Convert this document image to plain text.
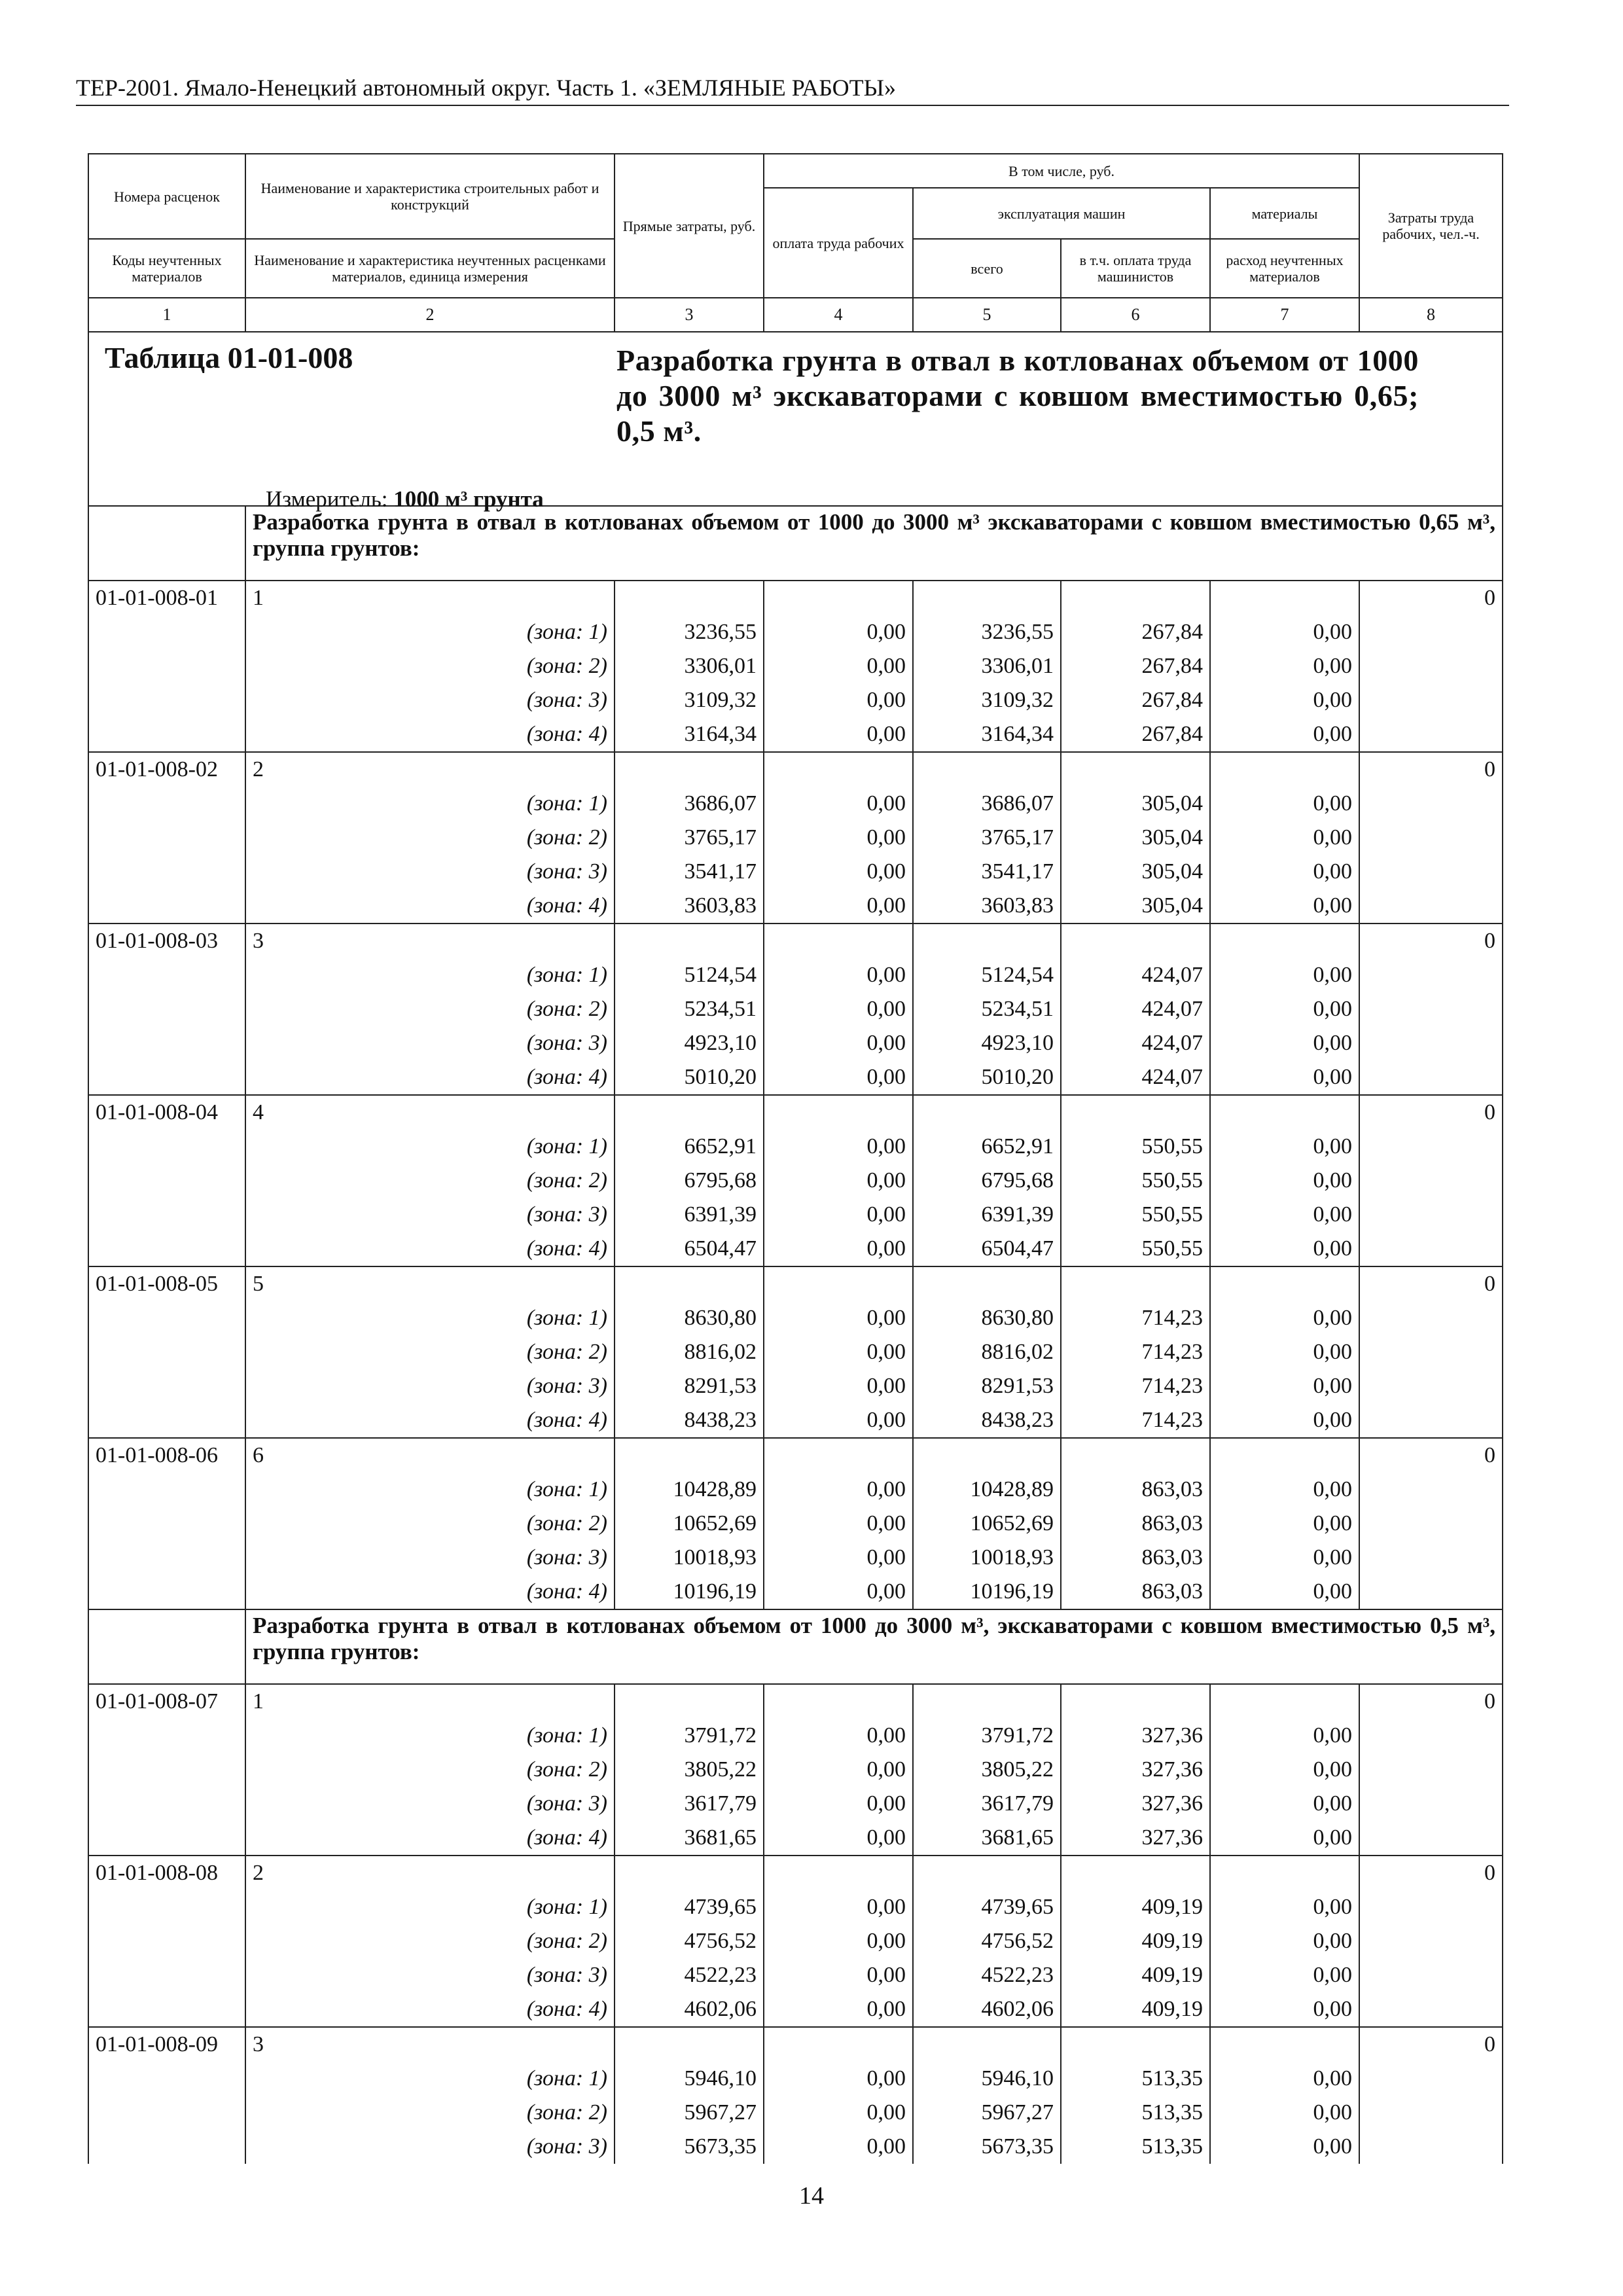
ТЕР-2001. Ямало-Ненецкий автономный округ. Часть 1. «ЗЕМЛЯНЫЕ РАБОТЫ»
Номера расценок	Наименование и характеристика строительных работ и конструкций	Прямые затраты, руб.	В том числе, руб.				Затраты труда рабочих, чел.-ч.
			оплата труда рабочих	эксплуатация машин		материалы	
Коды неучтенных материалов	Наименование и характеристика неучтенных расценками материалов, единица измерения			всего	в т.ч. оплата труда машинистов	расход неучтенных материалов	
1	2	3	4	5	6	7	8

Таблица 01-01-008 Разработка грунта в отвал в котлованах объемом от 1000 до 3000 м³ экскаваторами с ковшом вместимостью 0,65; 0,5 м³.
Измеритель: 1000 м³ грунта							

	Разработка грунта в отвал в котлованах объемом от 1000 до 3000 м³ экскаваторами с ковшом вместимостью 0,65 м³, группа грунтов:						
01-01-008-01	1						0
	(зона: 1)	3236,55	0,00	3236,55	267,84	0,00	
	(зона: 2)	3306,01	0,00	3306,01	267,84	0,00	
	(зона: 3)	3109,32	0,00	3109,32	267,84	0,00	
	(зона: 4)	3164,34	0,00	3164,34	267,84	0,00	
01-01-008-02	2						0
	(зона: 1)	3686,07	0,00	3686,07	305,04	0,00	
	(зона: 2)	3765,17	0,00	3765,17	305,04	0,00	
	(зона: 3)	3541,17	0,00	3541,17	305,04	0,00	
	(зона: 4)	3603,83	0,00	3603,83	305,04	0,00	
01-01-008-03	3						0
	(зона: 1)	5124,54	0,00	5124,54	424,07	0,00	
	(зона: 2)	5234,51	0,00	5234,51	424,07	0,00	
	(зона: 3)	4923,10	0,00	4923,10	424,07	0,00	
	(зона: 4)	5010,20	0,00	5010,20	424,07	0,00	
01-01-008-04	4						0
	(зона: 1)	6652,91	0,00	6652,91	550,55	0,00	
	(зона: 2)	6795,68	0,00	6795,68	550,55	0,00	
	(зона: 3)	6391,39	0,00	6391,39	550,55	0,00	
	(зона: 4)	6504,47	0,00	6504,47	550,55	0,00	
01-01-008-05	5						0
	(зона: 1)	8630,80	0,00	8630,80	714,23	0,00	
	(зона: 2)	8816,02	0,00	8816,02	714,23	0,00	
	(зона: 3)	8291,53	0,00	8291,53	714,23	0,00	
	(зона: 4)	8438,23	0,00	8438,23	714,23	0,00	
01-01-008-06	6						0
	(зона: 1)	10428,89	0,00	10428,89	863,03	0,00	
	(зона: 2)	10652,69	0,00	10652,69	863,03	0,00	
	(зона: 3)	10018,93	0,00	10018,93	863,03	0,00	
	(зона: 4)	10196,19	0,00	10196,19	863,03	0,00	
	Разработка грунта в отвал в котлованах объемом от 1000 до 3000 м³, экскаваторами с ковшом вместимостью 0,5 м³, группа грунтов:						
01-01-008-07	1						0
	(зона: 1)	3791,72	0,00	3791,72	327,36	0,00	
	(зона: 2)	3805,22	0,00	3805,22	327,36	0,00	
	(зона: 3)	3617,79	0,00	3617,79	327,36	0,00	
	(зона: 4)	3681,65	0,00	3681,65	327,36	0,00	
01-01-008-08	2						0
	(зона: 1)	4739,65	0,00	4739,65	409,19	0,00	
	(зона: 2)	4756,52	0,00	4756,52	409,19	0,00	
	(зона: 3)	4522,23	0,00	4522,23	409,19	0,00	
	(зона: 4)	4602,06	0,00	4602,06	409,19	0,00	
01-01-008-09	3						0
	(зона: 1)	5946,10	0,00	5946,10	513,35	0,00	
	(зона: 2)	5967,27	0,00	5967,27	513,35	0,00	
	(зона: 3)	5673,35	0,00	5673,35	513,35	0,00	
14
